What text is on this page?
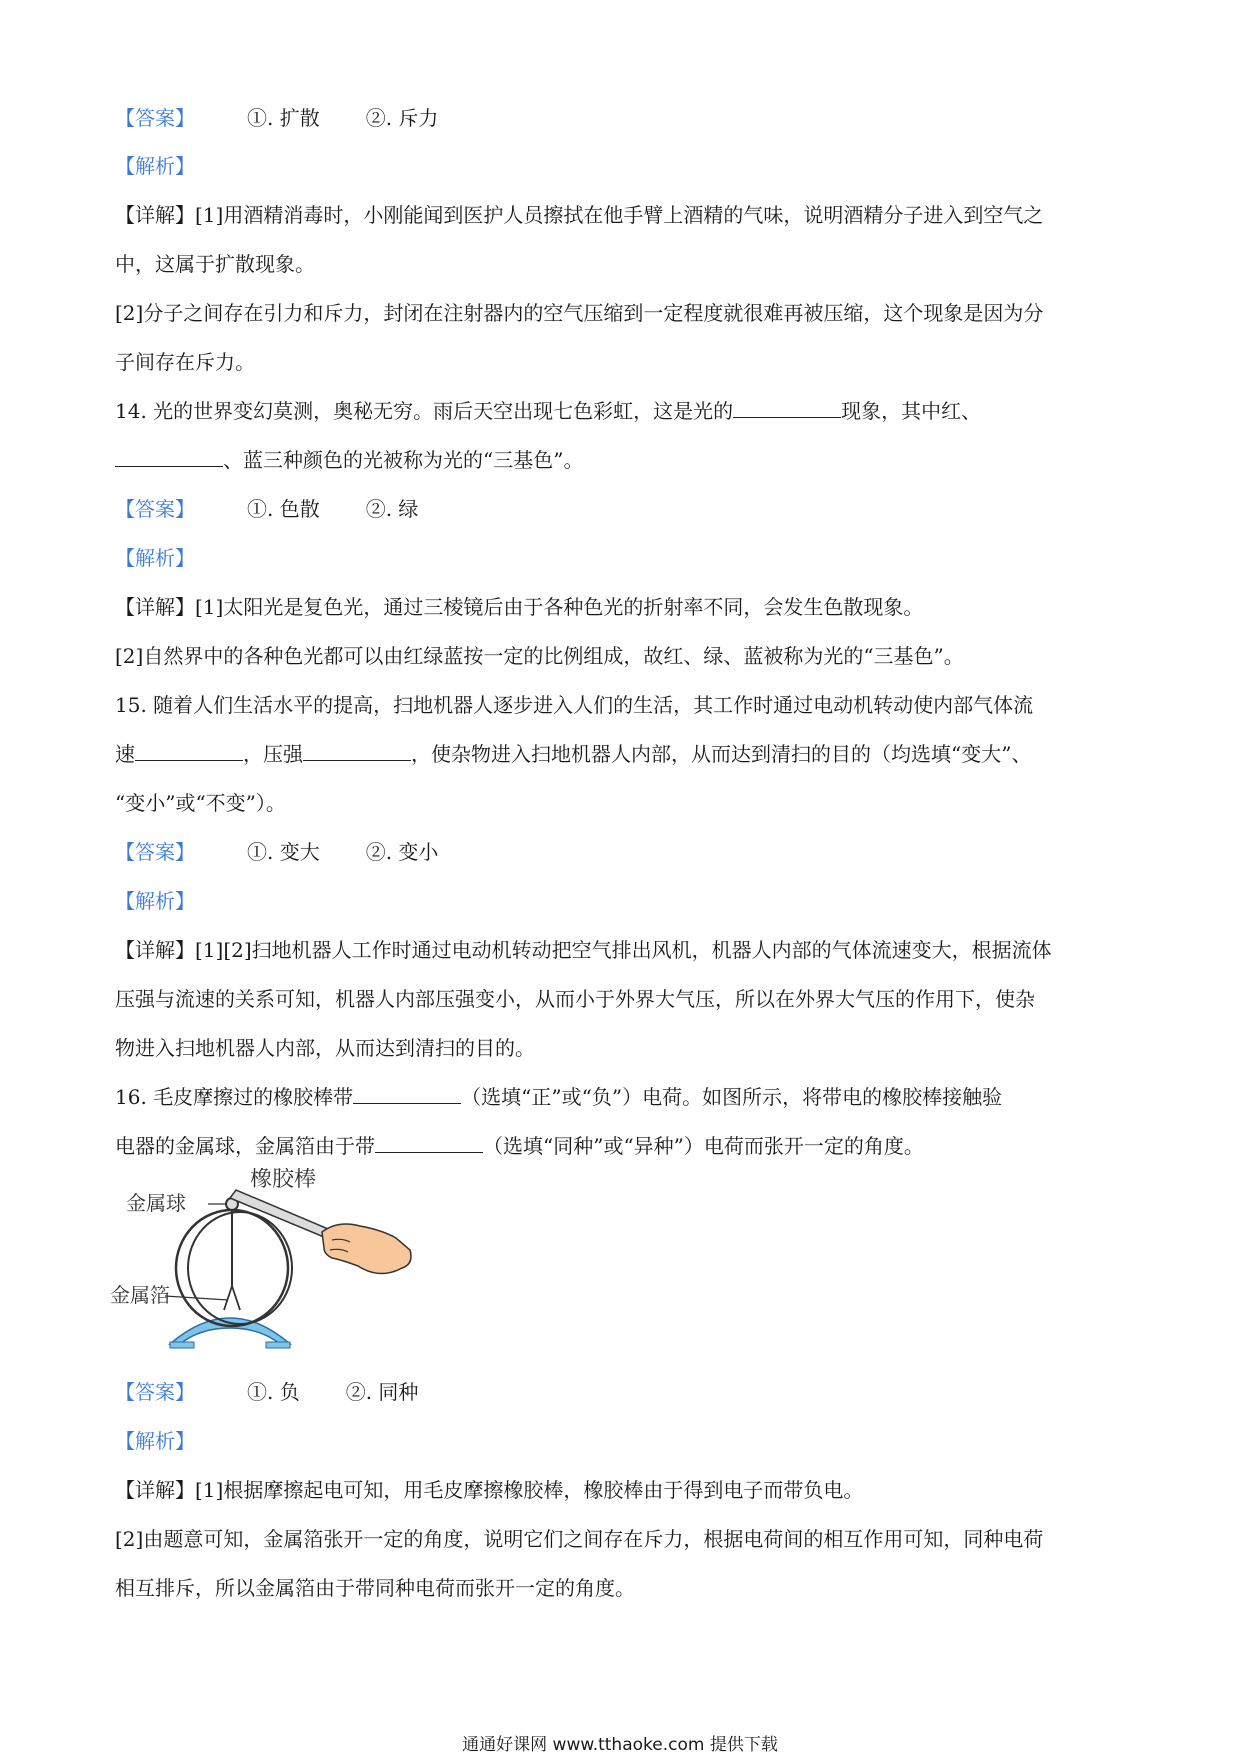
【答案】	①. 扩散 ②. 斥力
【解析】
【详解】[1]用酒精消毒时，小刚能闻到医护人员擦拭在他手臂上酒精的气味，说明酒精分子进入到空气之
中，这属于扩散现象。
[2]分子之间存在引力和斥力，封闭在注射器内的空气压缩到一定程度就很难再被压缩，这个现象是因为分
子间存在斥力。
14. 光的世界变幻莫测，奥秘无穷。雨后天空出现七色彩虹，这是光的	现象，其中红、
、蓝三种颜色的光被称为光的“三基色”。
【答案】	①. 色散 ②. 绿
【解析】
【详解】[1]太阳光是复色光，通过三棱镜后由于各种色光的折射率不同，会发生色散现象。
[2]自然界中的各种色光都可以由红绿蓝按一定的比例组成，故红、绿、蓝被称为光的“三基色”。
15. 随着人们生活水平的提高，扫地机器人逐步进入人们的生活，其工作时通过电动机转动使内部气体流
速	，压强	，使杂物进入扫地机器人内部，从而达到清扫的目的（均选填“变大”、
“变小”或“不变”）。
【答案】	①. 变大 ②. 变小
【解析】
【详解】[1][2]扫地机器人工作时通过电动机转动把空气排出风机，机器人内部的气体流速变大，根据流体
压强与流速的关系可知，机器人内部压强变小，从而小于外界大气压，所以在外界大气压的作用下，使杂
物进入扫地机器人内部，从而达到清扫的目的。
16. 毛皮摩擦过的橡胶棒带	（选填“正”或“负”）电荷。如图所示，将带电的橡胶棒接触验
电器的金属球，金属箔由于带	（选填“同种”或“异种”）电荷而张开一定的角度。
橡胶棒
金属球
金属箔
【答案】	①. 负 ②. 同种
【解析】
【详解】[1]根据摩擦起电可知，用毛皮摩擦橡胶棒，橡胶棒由于得到电子而带负电。
[2]由题意可知，金属箔张开一定的角度，说明它们之间存在斥力，根据电荷间的相互作用可知，同种电荷
相互排斥，所以金属箔由于带同种电荷而张开一定的角度。
通通好课网 www.tthaoke.com 提供下载
